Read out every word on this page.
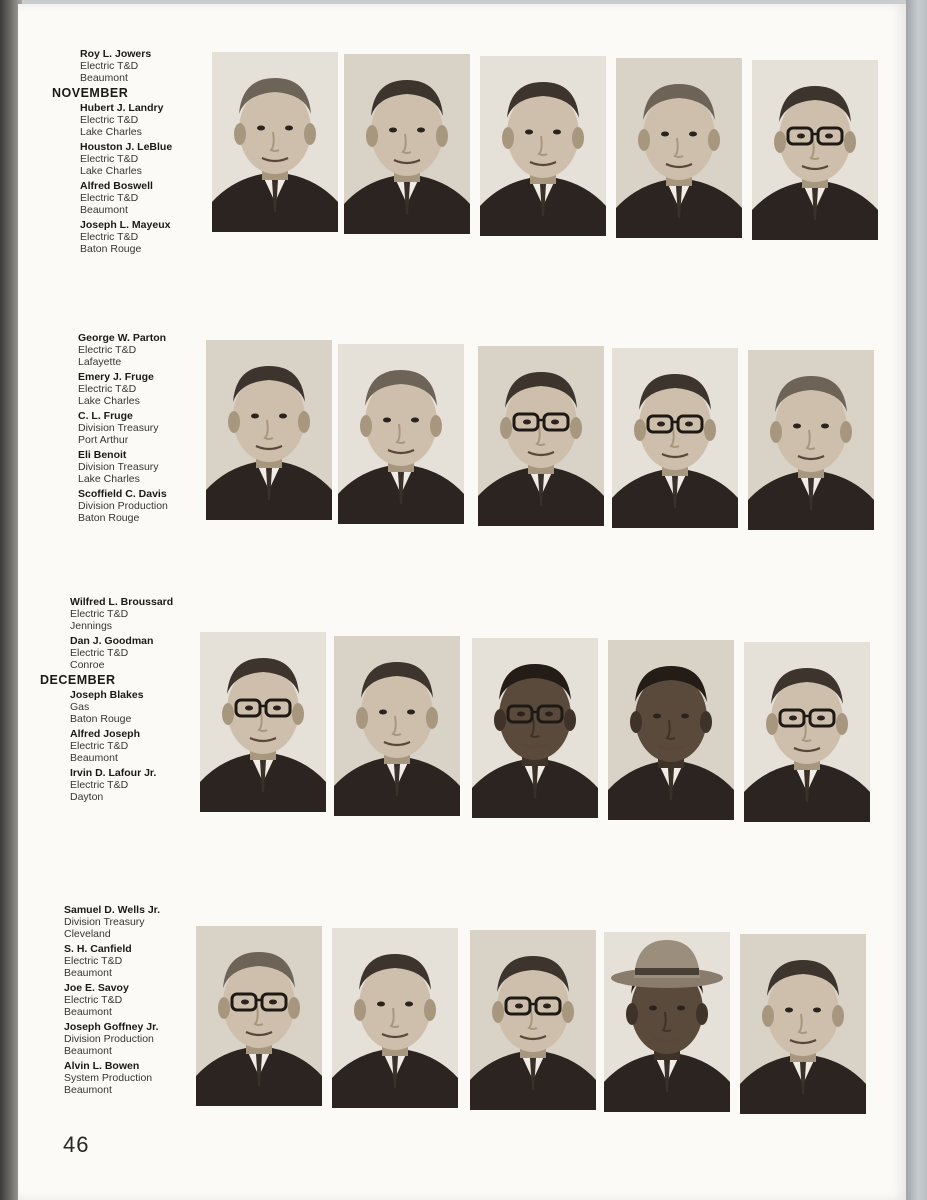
Roy L. Jowers
Electric T&D
Beaumont
NOVEMBER
Hubert J. Landry
Electric T&D
Lake Charles
Houston J. LeBlue
Electric T&D
Lake Charles
Alfred Boswell
Electric T&D
Beaumont
Joseph L. Mayeux
Electric T&D
Baton Rouge
George W. Parton
Electric T&D
Lafayette
Emery J. Fruge
Electric T&D
Lake Charles
C. L. Fruge
Division Treasury
Port Arthur
Eli Benoit
Division Treasury
Lake Charles
Scoffield C. Davis
Division Production
Baton Rouge
Wilfred L. Broussard
Electric T&D
Jennings
Dan J. Goodman
Electric T&D
Conroe
DECEMBER
Joseph Blakes
Gas
Baton Rouge
Alfred Joseph
Electric T&D
Beaumont
Irvin D. Lafour Jr.
Electric T&D
Dayton
Samuel D. Wells Jr.
Division Treasury
Cleveland
S. H. Canfield
Electric T&D
Beaumont
Joe E. Savoy
Electric T&D
Beaumont
Joseph Goffney Jr.
Division Production
Beaumont
Alvin L. Bowen
System Production
Beaumont
46
